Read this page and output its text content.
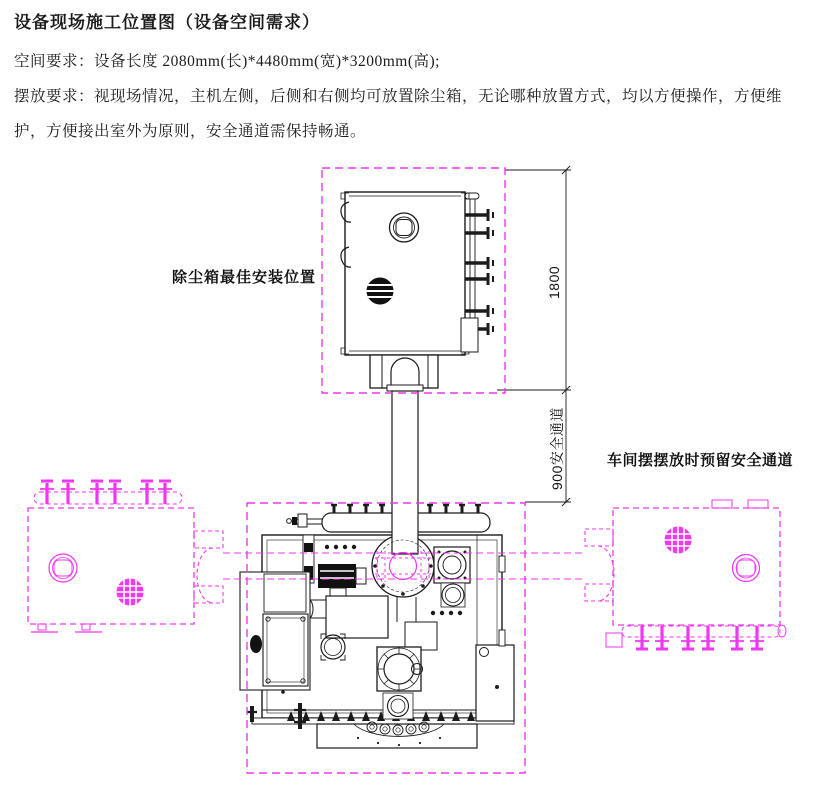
设备现场施工位置图（设备空间需求）
空间要求：设备长度 2080mm(长)*4480mm(宽)*3200mm(高);
摆放要求：视现场情况，主机左侧，后侧和右侧均可放置除尘箱，无论哪种放置方式，均以方便操作，方便维护，方便接出室外为原则，安全通道需保持畅通。
除尘箱最佳安装位置	1800
900安全通道	车间摆摆放时预留安全通道
